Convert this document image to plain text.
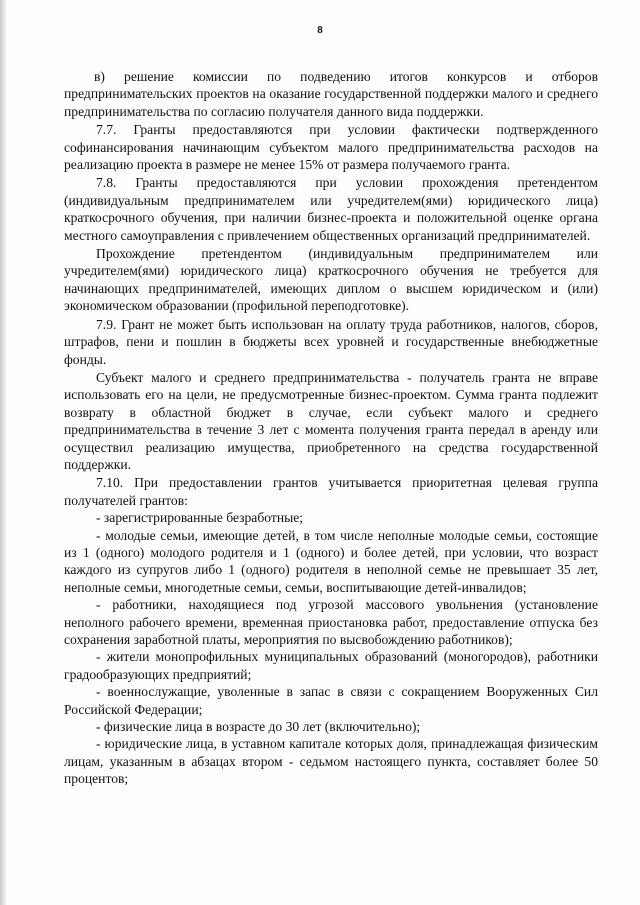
8

в) решение комиссии по подведению итогов конкурсов и отборов предпринимательских проектов на оказание государственной поддержки малого и среднего предпринимательства по согласию получателя данного вида поддержки.

7.7. Гранты предоставляются при условии фактически подтвержденного софинансирования начинающим субъектом малого предпринимательства расходов на реализацию проекта в размере не менее 15% от размера получаемого гранта.

7.8. Гранты предоставляются при условии прохождения претендентом (индивидуальным предпринимателем или учредителем(ями) юридического лица) краткосрочного обучения, при наличии бизнес-проекта и положительной оценке органа местного самоуправления с привлечением общественных организаций предпринимателей.

Прохождение претендентом (индивидуальным предпринимателем или учредителем(ями) юридического лица) краткосрочного обучения не требуется для начинающих предпринимателей, имеющих диплом о высшем юридическом и (или) экономическом образовании (профильной переподготовке).

7.9. Грант не может быть использован на оплату труда работников, налогов, сборов, штрафов, пени и пошлин в бюджеты всех уровней и государственные внебюджетные фонды.

Субъект малого и среднего предпринимательства - получатель гранта не вправе использовать его на цели, не предусмотренные бизнес-проектом. Сумма гранта подлежит возврату в областной бюджет в случае, если субъект малого и среднего предпринимательства в течение 3 лет с момента получения гранта передал в аренду или осуществил реализацию имущества, приобретенного на средства государственной поддержки.

7.10. При предоставлении грантов учитывается приоритетная целевая группа получателей грантов:

- зарегистрированные безработные;

- молодые семьи, имеющие детей, в том числе неполные молодые семьи, состоящие из 1 (одного) молодого родителя и 1 (одного) и более детей, при условии, что возраст каждого из супругов либо 1 (одного) родителя в неполной семье не превышает 35 лет, неполные семьи, многодетные семьи, семьи, воспитывающие детей-инвалидов;

- работники, находящиеся под угрозой массового увольнения (установление неполного рабочего времени, временная приостановка работ, предоставление отпуска без сохранения заработной платы, мероприятия по высвобождению работников);

- жители монопрофильных муниципальных образований (моногородов), работники градообразующих предприятий;

- военнослужащие, уволенные в запас в связи с сокращением Вооруженных Сил Российской Федерации;

- физические лица в возрасте до 30 лет (включительно);

- юридические лица, в уставном капитале которых доля, принадлежащая физическим лицам, указанным в абзацах втором - седьмом настоящего пункта, составляет более 50 процентов;
